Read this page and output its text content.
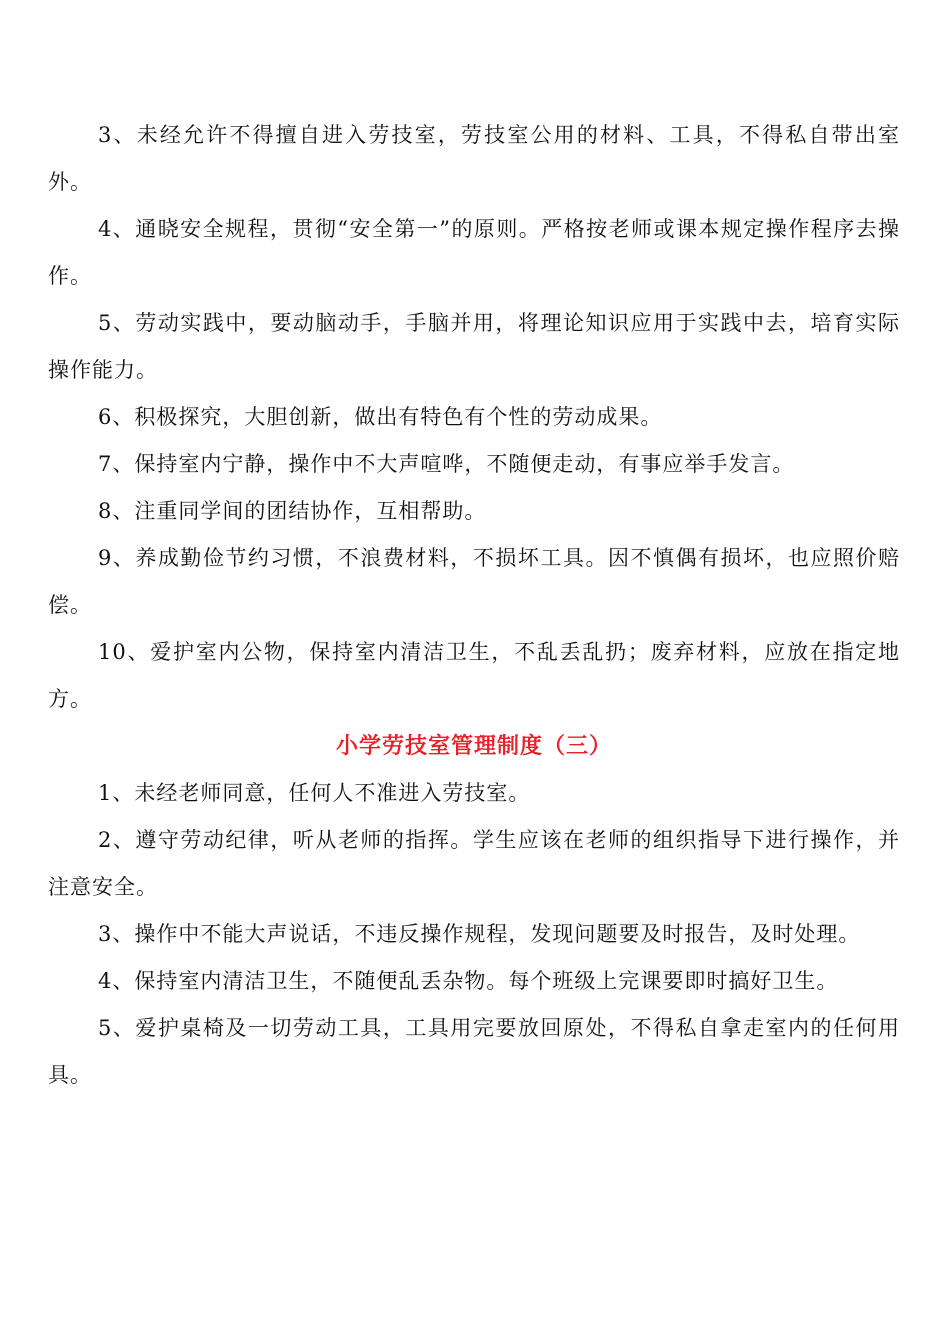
3、未经允许不得擅自进入劳技室，劳技室公用的材料、工具，不得私自带出室外。

4、通晓安全规程，贯彻“安全第一”的原则。严格按老师或课本规定操作程序去操作。

5、劳动实践中，要动脑动手，手脑并用，将理论知识应用于实践中去，培育实际操作能力。

6、积极探究，大胆创新，做出有特色有个性的劳动成果。

7、保持室内宁静，操作中不大声喧哗，不随便走动，有事应举手发言。

8、注重同学间的团结协作，互相帮助。

9、养成勤俭节约习惯，不浪费材料，不损坏工具。因不慎偶有损坏，也应照价赔偿。

10、爱护室内公物，保持室内清洁卫生，不乱丢乱扔；废弃材料，应放在指定地方。

小学劳技室管理制度（三）

1、未经老师同意，任何人不准进入劳技室。

2、遵守劳动纪律，听从老师的指挥。学生应该在老师的组织指导下进行操作，并注意安全。

3、操作中不能大声说话，不违反操作规程，发现问题要及时报告，及时处理。

4、保持室内清洁卫生，不随便乱丢杂物。每个班级上完课要即时搞好卫生。

5、爱护桌椅及一切劳动工具，工具用完要放回原处，不得私自拿走室内的任何用具。
